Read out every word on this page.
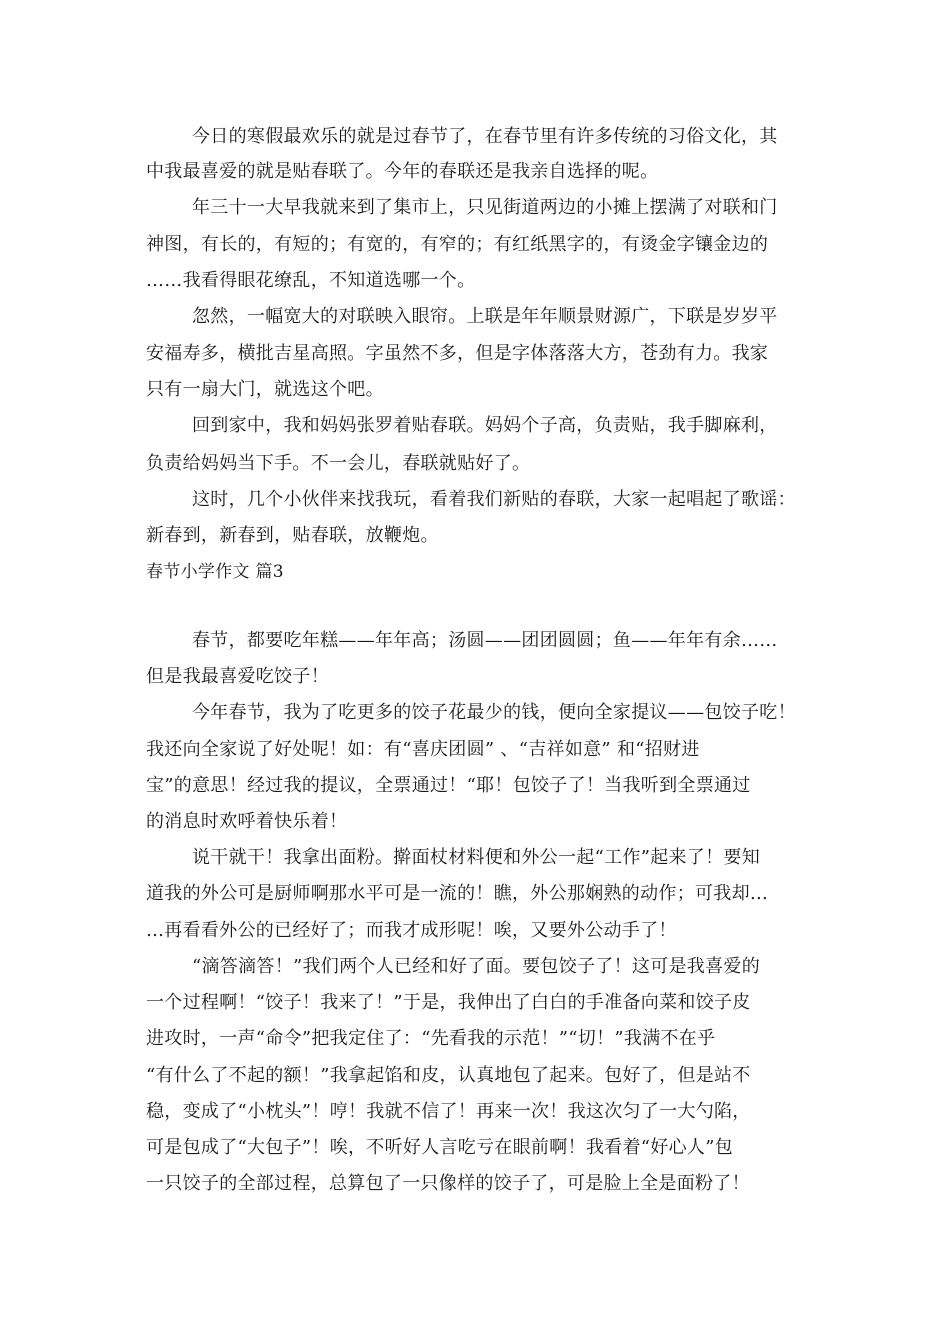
今日的寒假最欢乐的就是过春节了，在春节里有许多传统的习俗文化，其
中我最喜爱的就是贴春联了。今年的春联还是我亲自选择的呢。
年三十一大早我就来到了集市上，只见街道两边的小摊上摆满了对联和门
神图，有长的，有短的；有宽的，有窄的；有红纸黑字的，有烫金字镶金边的
……我看得眼花缭乱，不知道选哪一个。
忽然，一幅宽大的对联映入眼帘。上联是年年顺景财源广，下联是岁岁平
安福寿多，横批吉星高照。字虽然不多，但是字体落落大方，苍劲有力。我家
只有一扇大门，就选这个吧。
回到家中，我和妈妈张罗着贴春联。妈妈个子高，负责贴，我手脚麻利，
负责给妈妈当下手。不一会儿，春联就贴好了。
这时，几个小伙伴来找我玩，看着我们新贴的春联，大家一起唱起了歌谣：
新春到，新春到，贴春联，放鞭炮。
春节小学作文 篇3
春节，都要吃年糕——年年高；汤圆——团团圆圆；鱼——年年有余……
但是我最喜爱吃饺子！
今年春节，我为了吃更多的饺子花最少的钱，便向全家提议——包饺子吃！
我还向全家说了好处呢！如：有“喜庆团圆” 、“吉祥如意” 和“招财进
宝”的意思！经过我的提议，全票通过！“耶！包饺子了！当我听到全票通过
的消息时欢呼着快乐着！
说干就干！我拿出面粉。擀面杖材料便和外公一起“工作”起来了！要知
道我的外公可是厨师啊那水平可是一流的！瞧，外公那娴熟的动作；可我却…
…再看看外公的已经好了；而我才成形呢！唉，又要外公动手了！
“滴答滴答！”我们两个人已经和好了面。要包饺子了！这可是我喜爱的
一个过程啊！“饺子！我来了！”于是，我伸出了白白的手准备向菜和饺子皮
进攻时，一声“命令”把我定住了：“先看我的示范！”“切！”我满不在乎
“有什么了不起的额！”我拿起馅和皮，认真地包了起来。包好了，但是站不
稳，变成了“小枕头”！哼！我就不信了！再来一次！我这次匀了一大勺陷，
可是包成了“大包子”！唉，不听好人言吃亏在眼前啊！我看着“好心人”包
一只饺子的全部过程，总算包了一只像样的饺子了，可是脸上全是面粉了！
